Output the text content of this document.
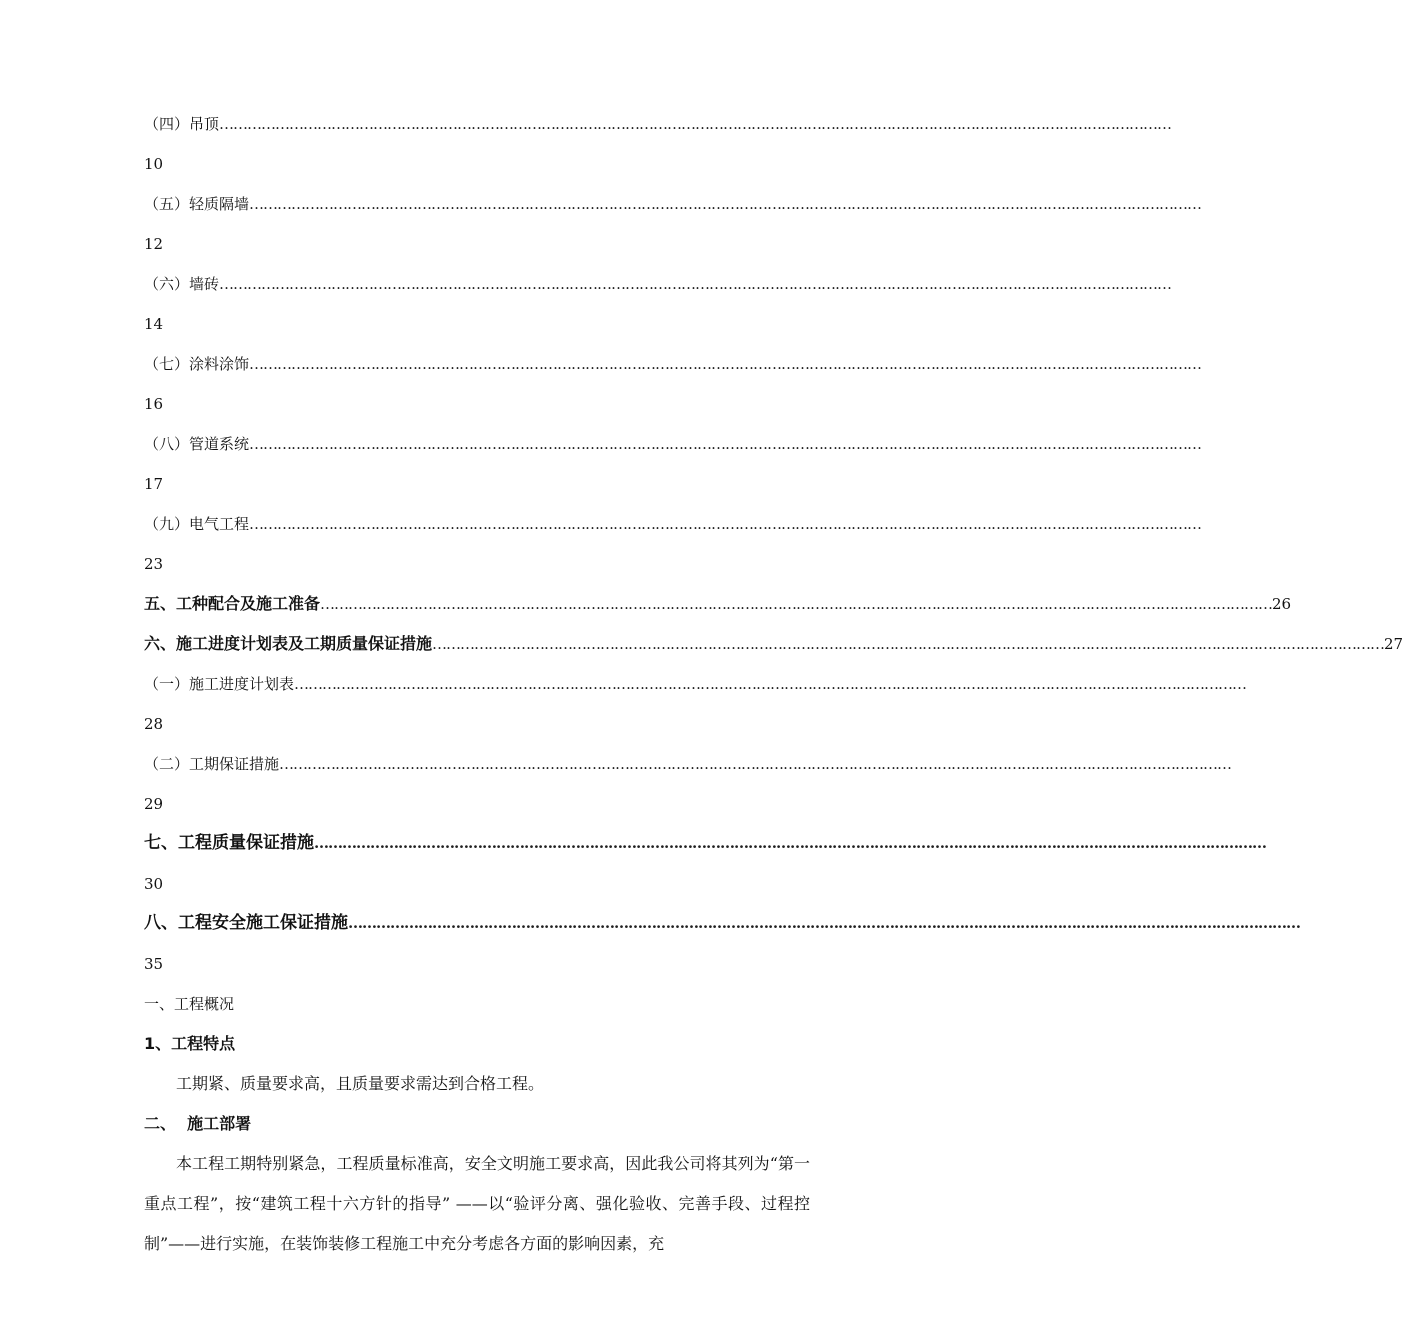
（四）吊顶 ……………………………………………………………………………………………………………………………………………………………………………………
10
（五）轻质隔墙 ……………………………………………………………………………………………………………………………………………………………………………………
12
（六）墙砖 ……………………………………………………………………………………………………………………………………………………………………………………
14
（七）涂料涂饰 ……………………………………………………………………………………………………………………………………………………………………………………
16
（八）管道系统 ……………………………………………………………………………………………………………………………………………………………………………………
17
（九）电气工程 ……………………………………………………………………………………………………………………………………………………………………………………
23
五、工种配合及施工准备 …………………………………………………………………………………………………………………………………………………………………………………… 26
六、施工进度计划表及工期质量保证措施 …………………………………………………………………………………………………………………………………………………………………………………… 27
（一）施工进度计划表 ……………………………………………………………………………………………………………………………………………………………………………………
28
（二）工期保证措施 ……………………………………………………………………………………………………………………………………………………………………………………
29
七、工程质量保证措施 ……………………………………………………………………………………………………………………………………………………………………………………
30
八、工程安全施工保证措施 ……………………………………………………………………………………………………………………………………………………………………………………
35
一、工程概况
1、工程特点
工期紧、质量要求高，且质量要求需达到合格工程。
二、  施工部署

本工程工期特别紧急，工程质量标准高，安全文明施工要求高，因此我公司将其列为“第一重点工程”，按“建筑工程十六方针的指导” ——以“验评分离、强化验收、完善手段、过程控制”——进行实施，在装饰装修工程施工中充分考虑各方面的影响因素，充
